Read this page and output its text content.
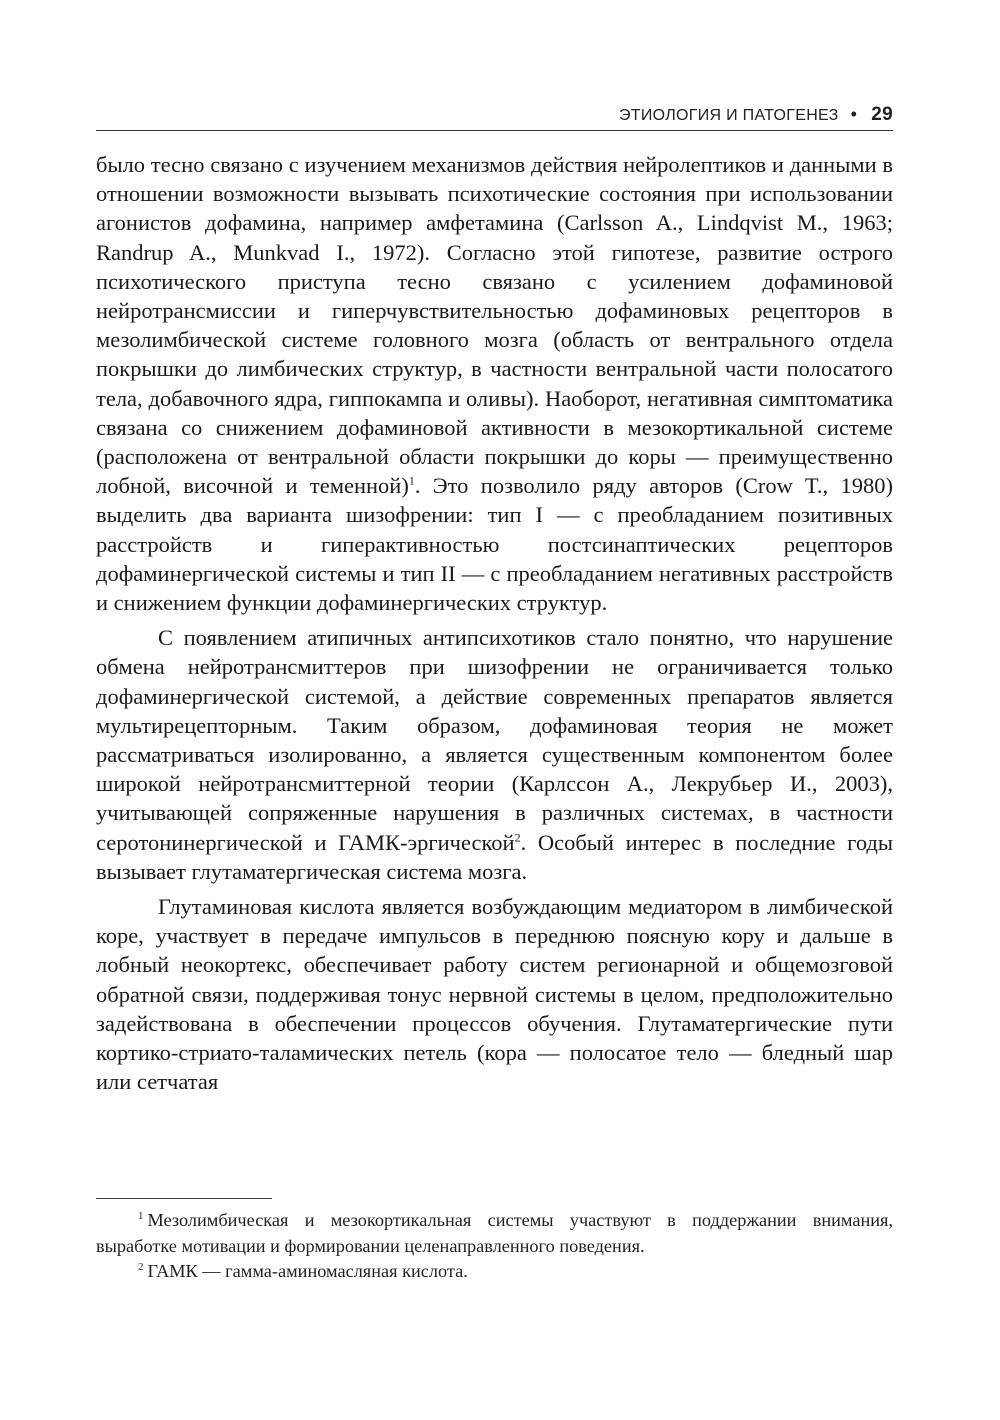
ЭТИОЛОГИЯ И ПАТОГЕНЕЗ • 29

было тесно связано с изучением механизмов действия нейролептиков и данными в отношении возможности вызывать психотические состояния при использовании агонистов дофамина, например амфетамина (Carlsson A., Lindqvist M., 1963; Randrup A., Munkvad I., 1972). Согласно этой гипотезе, развитие острого психотического приступа тесно связано с усилением дофаминовой нейротрансмиссии и гиперчувствительностью дофаминовых рецепторов в мезолимбической системе головного мозга (область от вентрального отдела покрышки до лимбических структур, в частности вентральной части полосатого тела, добавочного ядра, гиппокампа и оливы). Наоборот, негативная симптоматика связана со снижением дофаминовой активности в мезокортикальной системе (расположена от вентральной области покрышки до коры — преимущественно лобной, височной и теменной)$^1$. Это позволило ряду авторов (Crow T., 1980) выделить два варианта шизофрении: тип I — с преобладанием позитивных расстройств и гиперактивностью постсинаптических рецепторов дофаминергической системы и тип II — с преобладанием негативных расстройств и снижением функции дофаминергических структур.

С появлением атипичных антипсихотиков стало понятно, что нарушение обмена нейротрансмиттеров при шизофрении не ограничивается только дофаминергической системой, а действие современных препаратов является мультирецепторным. Таким образом, дофаминовая теория не может рассматриваться изолированно, а является существенным компонентом более широкой нейротрансмиттерной теории (Карлссон А., Лекрубьер И., 2003), учитывающей сопряженные нарушения в различных системах, в частности серотонинергической и ГАМК-эргической$^2$. Особый интерес в последние годы вызывает глутаматергическая система мозга.

Глутаминовая кислота является возбуждающим медиатором в лимбической коре, участвует в передаче импульсов в переднюю поясную кору и дальше в лобный неокортекс, обеспечивает работу систем регионарной и общемозговой обратной связи, поддерживая тонус нервной системы в целом, предположительно задействована в обеспечении процессов обучения. Глутаматергические пути кортико-стриато-таламических петель (кора — полосатое тело — бледный шар или сетчатая

$^1$ Мезолимбическая и мезокортикальная системы участвуют в поддержании внимания, выработке мотивации и формировании целенаправленного поведения.

$^2$ ГАМК — гамма-аминомасляная кислота.
